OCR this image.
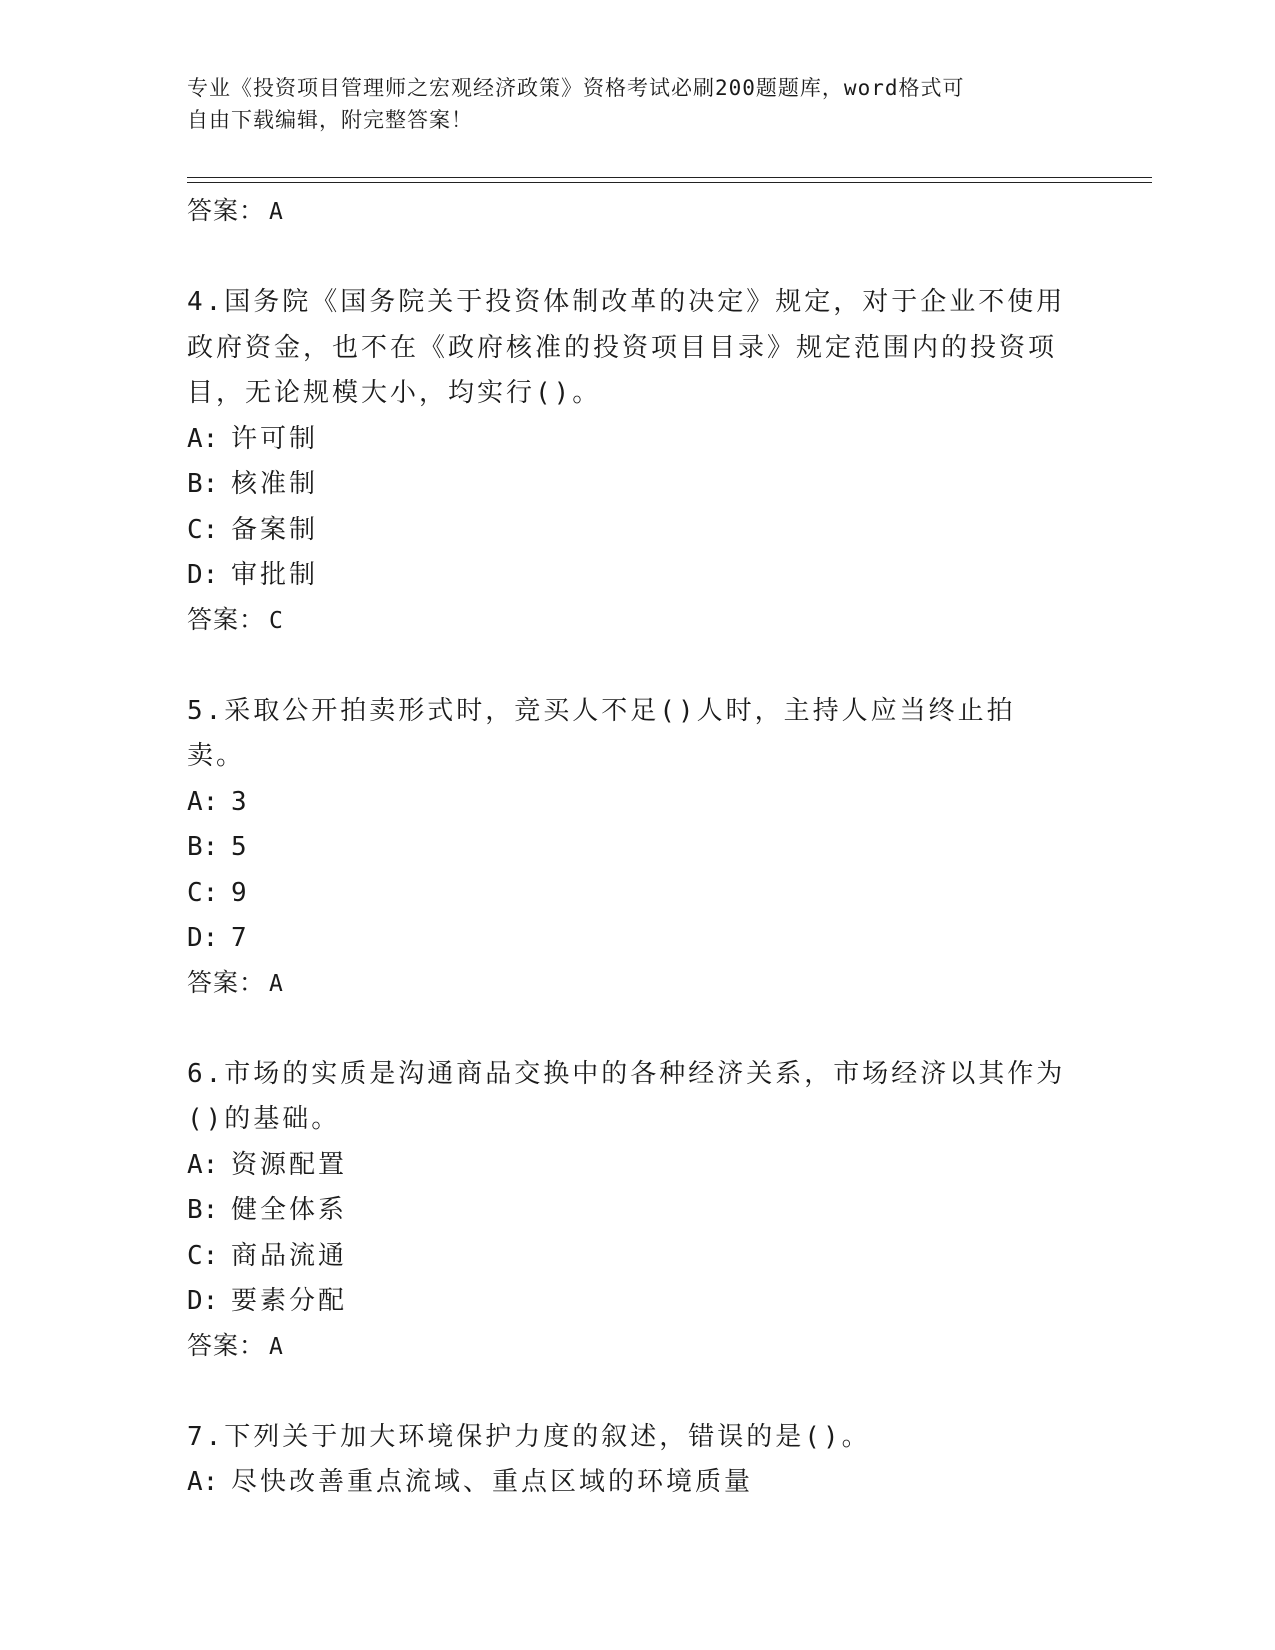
专业《投资项目管理师之宏观经济政策》资格考试必刷200题题库，word格式可
自由下载编辑，附完整答案！
答案： A
4.国务院《国务院关于投资体制改革的决定》规定，对于企业不使用政府资金，也不在《政府核准的投资项目目录》规定范围内的投资项目，无论规模大小，均实行()。
A: 许可制
B: 核准制
C: 备案制
D: 审批制
答案： C
5.采取公开拍卖形式时，竞买人不足()人时，主持人应当终止拍卖。
A: 3
B: 5
C: 9
D: 7
答案： A
6.市场的实质是沟通商品交换中的各种经济关系，市场经济以其作为()的基础。
A: 资源配置
B: 健全体系
C: 商品流通
D: 要素分配
答案： A
7.下列关于加大环境保护力度的叙述，错误的是()。
A: 尽快改善重点流域、重点区域的环境质量
